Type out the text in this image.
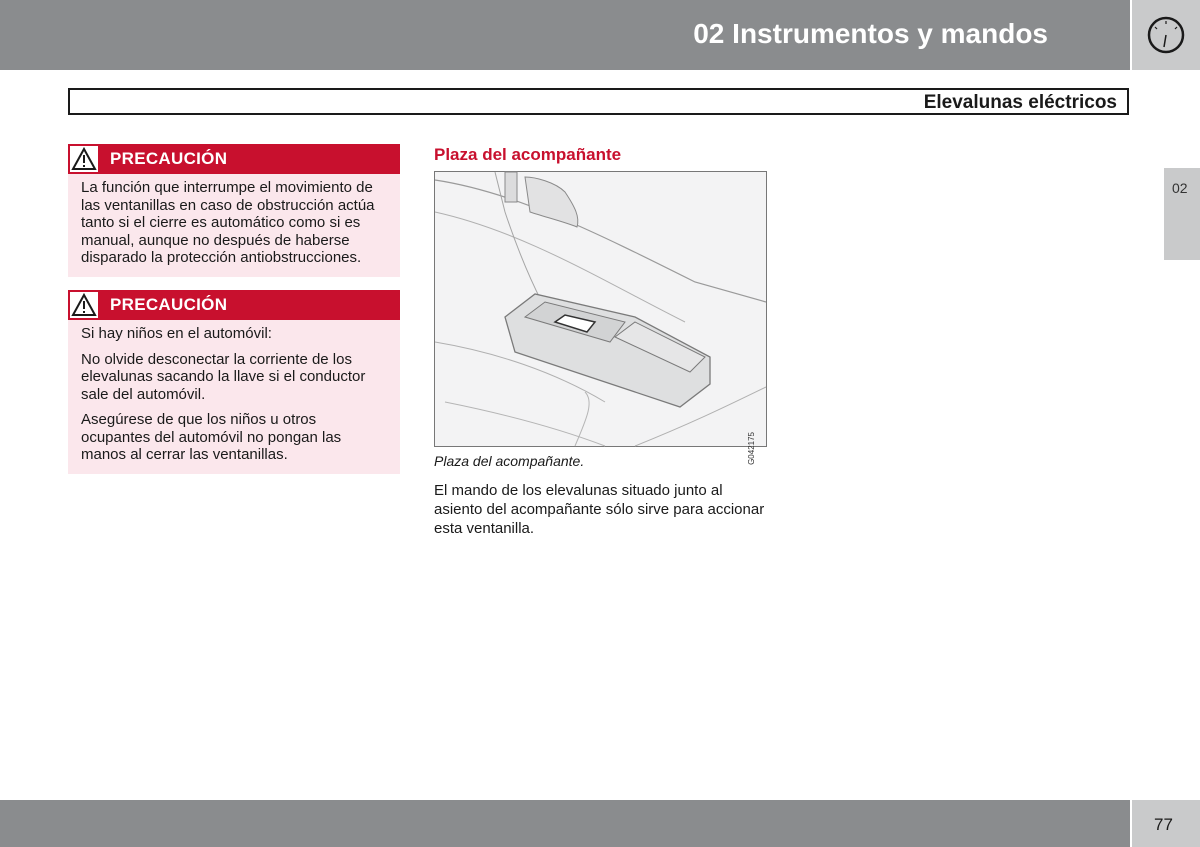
02 Instrumentos y mandos
Elevalunas eléctricos
02
PRECAUCIÓN

La función que interrumpe el movimiento de las ventanillas en caso de obstrucción actúa tanto si el cierre es automático como si es manual, aunque no después de haberse disparado la protección antiobstrucciones.

PRECAUCIÓN

Si hay niños en el automóvil:

No olvide desconectar la corriente de los elevalunas sacando la llave si el conductor sale del automóvil.

Asegúrese de que los niños u otros ocupantes del automóvil no pongan las manos al cerrar las ventanillas.

Plaza del acompañante
G042175
Plaza del acompañante.

El mando de los elevalunas situado junto al asiento del acompañante sólo sirve para accionar esta ventanilla.

77
